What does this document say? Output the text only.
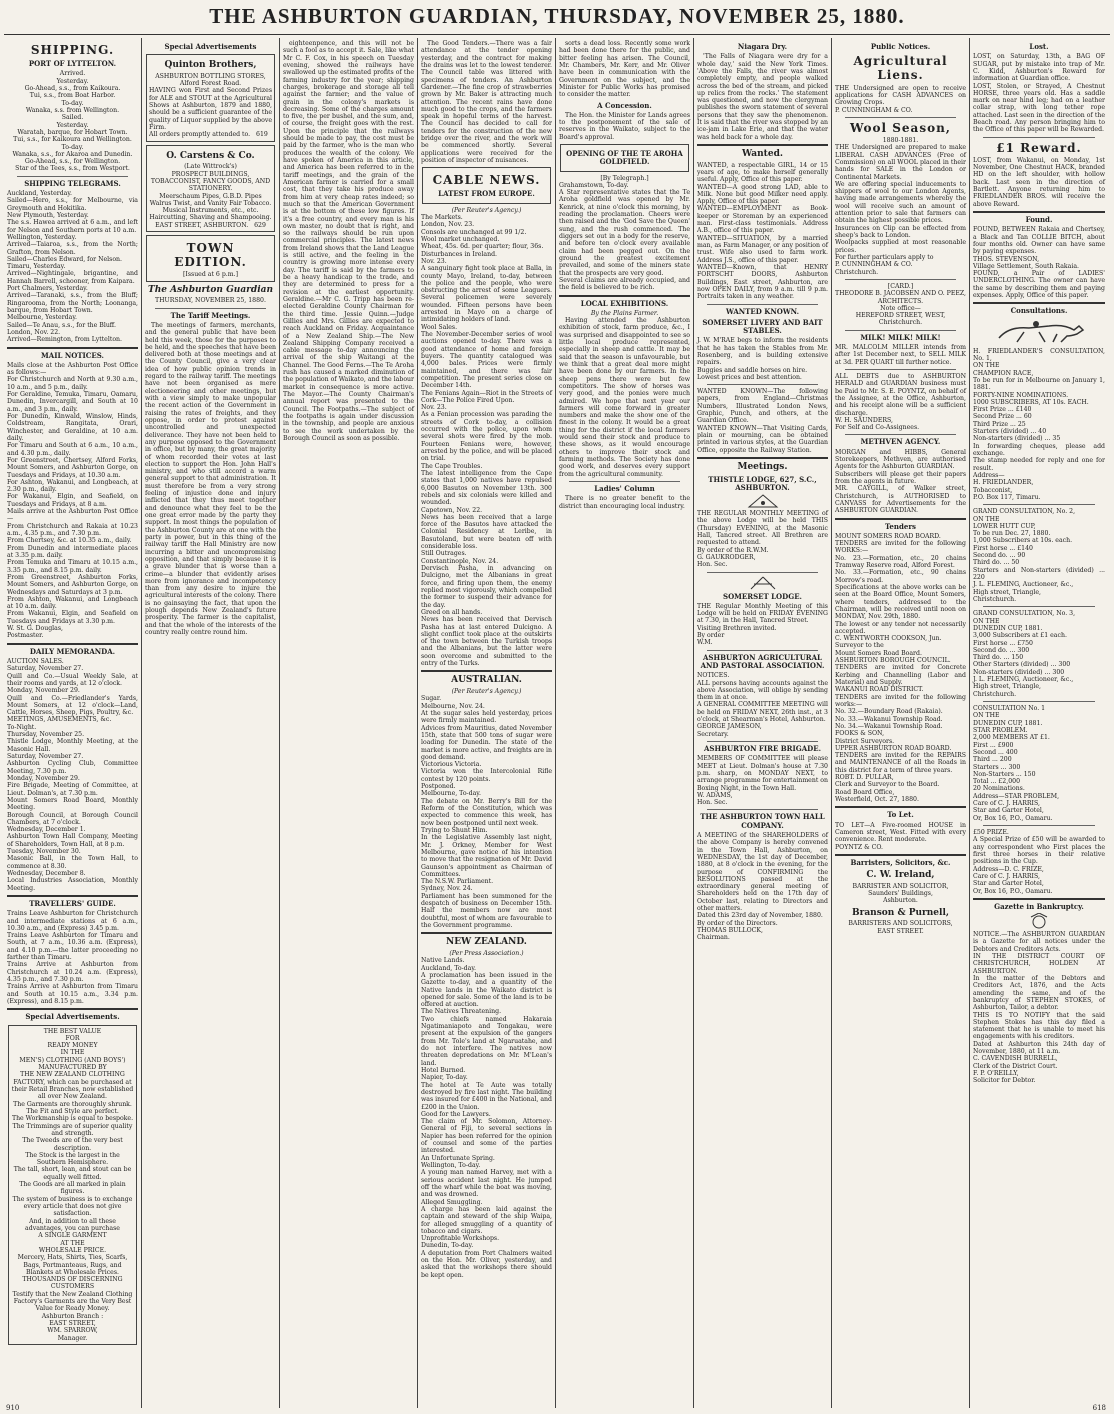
THE ASHBURTON GUARDIAN, THURSDAY, NOVEMBER 25, 1880.
SHIPPING.
PORT OF LYTTELTON.
Arrived.
Yesterday.
Go-Ahead, s.s., from Kaikoura.
Tui, s.s., from Boat Harbor.
To-day.
Wanaka, s.s. from Wellington.
Sailed.
Yesterday.
Waratah, barque, for Hobart Town.
Tui, s.s., for Kaikoura and Wellington.
To-day.
Wanaka, s.s., for Akaroa and Dunedin.
Go-Ahead, s.s., for Wellington.
Star of the Tees, s.s., from Westport.
SHIPPING TELEGRAMS.
Auckland, Yesterday.
Sailed—Hero, s.s., for Melbourne, via Greymouth and Hokitika.
New Plymouth, Yesterday.
The s.s. Hawea arrived at 6 a.m., and left for Nelson and Southern ports at 10 a.m.
Wellington, Yesterday.
Arrived—Taiaroa, s.s., from the North; Grafton, from Nelson.
Sailed—Charles Edward, for Nelson.
Timaru, Yesterday.
Arrived—Nightingale, brigantine, and Hannah Barrell, schooner, from Kaipara.
Port Chalmers, Yesterday.
Arrived—Taranaki, s.s., from the Bluff; Ringarooma, from the North; Loonanga, barque, from Hobart Town.
Melbourne, Yesterday.
Sailed—Te Anau, s.s., for the Bluff.
London, Nov. 22.
Arrived—Remington, from Lyttelton.
MAIL NOTICES.
Mails close at the Ashburton Post Office as follows:—
For Christchurch and North at 9.30 a.m., 10 a.m., and 5 p.m., daily.
For Geraldine, Temuka, Timaru, Oamaru, Dunedin, Invercargill, and South at 10 a.m., and 3 p.m., daily.
For Dunedin, Kinwald, Winslow, Hinds, Coldstream, Rangitata, Orari, Winchester, and Geraldine, at 10 a.m. daily.
For Timaru and South at 6 a.m., 10 a.m., and 4.30 p.m., daily.
For Greenstreet, Chertsey, Alford Forks, Mount Somers, and Ashburton Gorge, on Tuesdays and Fridays, at 10.30 a.m.
For Ashton, Wakanui, and Longbeach, at 2.30 p.m., daily.
For Wakanui, Elgin, and Seafield, on Tuesdays and Fridays, at 8 a.m.
Mails arrive at the Ashburton Post Office—
From Christchurch and Rakaia at 10.23 a.m., 4.35 p.m., and 7.30 p.m.
From Chertsey, &c. at 10.35 a.m., daily.
From Dunedin and intermediate places at 3.35 p.m. daily.
From Temuka and Timaru at 10.15 a.m., 3.35 p.m., and 8.15 p.m. daily.
From Greenstreet, Ashburton Forks, Mount Somers, and Ashburton Gorge, on Wednesdays and Saturdays at 3 p.m.
From Ashton, Wakanui, and Longbeach at 10 a.m. daily.
From Wakanui, Elgin, and Seafield on Tuesdays and Fridays at 3.30 p.m.
W. St. G. Douglas,
Postmaster.
DAILY MEMORANDA.
AUCTION SALES.
Saturday, November 27.
Quill and Co.—Usual Weekly Sale, at their rooms and yards, at 12 o'clock.
Monday, November 29.
Quill and Co.—Friedlander's Yards, Mount Somers, at 12 o'clock—Land, Cattle, Horses, Sheep, Pigs, Poultry, &c.
MEETINGS, AMUSEMENTS, &c.
To-Night.
Thursday, November 25.
Thistle Lodge, Monthly Meeting, at the Masonic Hall.
Saturday, November 27.
Ashburton Cycling Club, Committee Meeting, 7.30 p.m.
Monday, November 29.
Fire Brigade, Meeting of Committee, at Lieut. Dolman's, at 7.30 p.m.
Mount Somers Road Board, Monthly Meeting.
Borough Council, at Borough Council Chambers, at 7 o'clock.
Wednesday, December 1.
Ashburton Town Hall Company, Meeting of Shareholders, Town Hall, at 8 p.m.
Tuesday, November 30.
Masonic Ball, in the Town Hall, to commence at 8.30.
Wednesday, December 8.
Local Industries Association, Monthly Meeting.
TRAVELLERS' GUIDE.
Trains Leave Ashburton for Christchurch and intermediate stations at 6 a.m., 10.30 a.m., and (Express) 3.45 p.m.
Trains Leave Ashburton for Timaru and South, at 7 a.m., 10.36 a.m. (Express), and 4.10 p.m.—the latter proceeding no farther than Timaru.
Trains Arrive at Ashburton from Christchurch at 10.24 a.m. (Express), 4.35 p.m., and 7.30 p.m.
Trains Arrive at Ashburton from Timaru and South at 10.15 a.m., 3.34 p.m. (Express), and 8.15 p.m.
Special Advertisements.
THE BEST VALUE
FOR
READY MONEY
IN THE
MEN'S) CLOTHING (AND BOYS')
MANUFACTURED BY
THE NEW ZEALAND CLOTHING FACTORY, which can be purchased at their Retail Branches, now established all over New Zealand.
The Garments are thoroughly shrunk.
The Fit and Style are perfect.
The Workmanship is equal to bespoke.
The Trimmings are of superior quality and strength.
The Tweeds are of the very best description.
The Stock is the largest in the Southern Hemisphere.
The tall, short, lean, and stout can be equally well fitted.
The Goods are all marked in plain figures.
The system of business is to exchange every article that does not give satisfaction.
And, in addition to all these advantages, you can purchase
A SINGLE GARMENT
AT THE
WHOLESALE PRICE.
Mercery, Hats, Shirts, Ties, Scarfs, Bags, Portmanteaus, Rugs, and Blankets at Wholesale Prices.
THOUSANDS OF DISCERNING CUSTOMERS
Testify that the New Zealand Clothing Factory's Garments are the Very Best Value for Ready Money.
Ashburton Branch :
EAST STREET,
WM. SPARROW,
Manager.
Special Advertisements
Quinton Brothers,
ASHBURTON BOTTLING STORES,
Alford Forest Road.
HAVING won First and Second Prizes for ALE and STOUT at the Agricultural Shows at Ashburton, 1879 and 1880, should be a sufficient guarantee of the quality of Liquor supplied by the above Firm.
All orders promptly attended to.   619
O. Carstens & Co.
(Late Wittrock's)
PROSPECT BUILDINGS,
TOBACCONIST, FANCY GOODS, AND STATIONERY.
Meerschaum Pipes, G.B.D. Pipes
Walrus Twist, and Vanity Fair Tobacco.
Musical Instruments, etc., etc.
Haircutting, Shaving and Shampooing.
EAST STREET, ASHBURTON.   629
TOWN EDITION.
[Issued at 6 p.m.]
The Ashburton Guardian
THURSDAY, NOVEMBER 25, 1880.
The Tariff Meetings.

The meetings of farmers, merchants, and the general public that have been held this week, those for the purposes to be held, and the speeches that have been delivered both at those meetings and at the County Council, give a very clear idea of how public opinion trends in regard to the railway tariff. The meetings have not been organised as mere electioneering and other meetings, but with a view simply to make unpopular the recent action of the Government in raising the rates of freights, and they oppose, in order to protest against uncontrolled and unexpected deliverance. They have not been held to any purpose opposed to the Government in office, but by many, the great majority of whom recorded their votes at last election to support the Hon. John Hall's ministry, and who still accord a warm general support to that administration. It must therefore be from a very strong feeling of injustice done and injury inflicted that they thus meet together and denounce what they feel to be the one great error made by the party they support. In most things the population of the Ashburton County are at one with the party in power, but in this thing of the railway tariff the Hall Ministry are now incurring a bitter and uncompromising opposition, and that simply because it is a grave blunder that is worse than a crime—a blunder that evidently arises more from ignorance and incompetency than from any desire to injure the agricultural interests of the colony. There is no gainsaying the fact, that upon the plough depends New Zealand's future prosperity. The farmer is the capitalist, and that the whole of the interests of the country really centre round him.

eighteenpence, and this will not be such a fool as to accept it. Sale, like what Mr C. F. Cox, in his speech on Tuesday evening, showed the railways have swallowed up the estimated profits of the farming industry for the year; shipping charges, brokerage and storage all tell against the farmer; and the value of grain in the colony's markets is decreasing. Some of the charges amount to five, the per bushel, and the sum, and, of course, the freight goes with the rest. Upon the principle that the railways should be made to pay, the cost must be paid by the farmer, who is the man who produces the wealth of the colony. We have spoken of America in this article, and America has been referred to in the tariff meetings, and the grain of the American farmer is carried for a small cost, that they take his produce away from him at very cheap rates indeed; so much so that the American Government is at the bottom of these low figures. If it's a free country, and every man is his own master, no doubt that is right, and so the railways should be run upon commercial principles. The latest news from Ireland shows that the Land League is still active, and the feeling in the country is growing more intense every day. The tariff is said by the farmers to be a heavy handicap to the trade, and they are determined to press for a revision at the earliest opportunity. Geraldine.—Mr C. G. Tripp has been re-elected Geraldine County Chairman for the third time. Jessie Quinn.—Judge Gillies and Mrs. Gillies are expected to reach Auckland on Friday. Acquaintance of a New Zealand Ship.—The New Zealand Shipping Company received a cable message to-day announcing the arrival of the ship Waitangi at the Channel. The Good Ferns.—The Te Aroha rush has caused a marked diminution of the population of Waikato, and the labour market in consequence is more active. The Mayor.—The County Chairman's annual report was presented to the Council. The Footpaths.—The subject of the footpaths is again under discussion in the township, and people are anxious to see the work undertaken by the Borough Council as soon as possible.

The Good Tenders.—There was a fair attendance at the tender opening yesterday, and the contract for making the drains was let to the lowest tenderer. The Council table was littered with specimens of tenders. An Ashburton Gardener.—The fine crop of strawberries grown by Mr. Baker is attracting much attention. The recent rains have done much good to the crops, and the farmers speak in hopeful terms of the harvest. The Council has decided to call for tenders for the construction of the new bridge over the river, and the work will be commenced shortly. Several applications were received for the position of inspector of nuisances.

CABLE NEWS.
LATEST FROM EUROPE.
(Per Reuter's Agency.)
The Markets.
London, Nov. 23.
Consols are unchanged at 99 1/2.
Wool market unchanged.
Wheat, 45s. 6d. per quarter; flour, 36s.
Disturbances in Ireland.
Nov. 23.
A sanguinary fight took place at Balla, in county Mayo, Ireland, to-day, between the police and the people, who were obstructing the arrest of some Leaguers. Several policemen were severely wounded. Fifteen persons have been arrested in Mayo on a charge of intimidating holders of land.
Wool Sales.
The November-December series of wool auctions opened to-day. There was a good attendance of home and foreign buyers. The quantity catalogued was 4,000 bales. Prices were firmly maintained, and there was fair competition. The present series close on December 14th.
The Fenians Again—Riot in the Streets of Cork—The Police Fired Upon.
Nov. 23.
As a Fenian procession was parading the streets of Cork to-day, a collision occurred with the police, upon whom several shots were fired by the mob. Fourteen Fenians were, however, arrested by the police, and will be placed on trial.
The Cape Troubles.
The latest intelligence from the Cape states that 1,000 natives have repulsed 6,000 Basutos on November 13th. 300 rebels and six colonials were killed and wounded.
Capetown, Nov. 22.
News has been received that a large force of the Basutos have attacked the Colonial Residency at Leribe, in Basutoland, but were beaten off with considerable loss.
Still Outrages.
Constantinople, Nov. 24.
Dervisch Pasha, in advancing on Dulcigno, met the Albanians in great force, and firing upon them, the enemy replied most vigorously, which compelled the former to suspend their advance for the day.
Greed on all hands.
News has been received that Dervisch Pasha has at last entered Dulcigno. A slight conflict took place at the outskirts of the town between the Turkish troops and the Albanians, but the latter were soon overcome and submitted to the entry of the Turks.
AUSTRALIAN.
(Per Reuter's Agency.)
Sugar.
Melbourne, Nov. 24.
At the sugar sales held yesterday, prices were firmly maintained.
Advices from Mauritius, dated November 15th, state that 500 tons of sugar were loading for Dunedin. The state of the market is more active, and freights are in good demand.
Victorious Victoria.
Victoria won the Intercolonial Rifle contest by 120 points.
Postponed.
Melbourne, To-day.
The debate on Mr. Berry's Bill for the Reform of the Constitution, which was expected to commence this week, has now been postponed until next week.
Trying to Shunt Him.
In the Legislative Assembly last night, Mr. J. Orkney, Member for West Melbourne, gave notice of his intention to move that the resignation of Mr. David Gaunson's appointment as Chairman of Committees.
The N.S.W. Parliament.
Sydney, Nov. 24.
Parliament has been summoned for the despatch of business on December 15th. Half the members now are most doubtful, most of whom are favourable to the Government programme.
NEW ZEALAND.
(Per Press Association.)
Native Lands.
Auckland, To-day.
A proclamation has been issued in the Gazette to-day, and a quantity of the Native lands in the Waikato district is opened for sale. Some of the land is to be offered at auction.
The Natives Threatening.
Two chiefs named Hakaraia Ngatimaniapoto and Tongakau, were present at the expulsion of the gangers from Mr. Tole's land at Ngaruatahe, and do not interfere. The natives now threaten depredations on Mr. M'Lean's land.
Hotel Burned.
Napier, To-day.
The hotel at Te Aute was totally destroyed by fire last night. The building was insured for £400 in the National, and £200 in the Union.
Good for the Lawyers.
The claim of Mr. Solomon, Attorney-General of Fiji, to several sections in Napier has been referred for the opinion of counsel and some of the parties interested.
An Unfortunate Spring.
Wellington, To-day.
A young man named Harvey, met with a serious accident last night. He jumped off the wharf while the boat was moving, and was drowned.
Alleged Smuggling.
A charge has been laid against the captain and steward of the ship Waipa, for alleged smuggling of a quantity of tobacco and cigars.
Unprofitable Workshops.
Dunedin, To-day.
A deputation from Port Chalmers waited on the Hon. Mr. Oliver, yesterday, and asked that the workshops there should be kept open.

sorts a dead loss. Recently some work had been done there for the public, and bitter feeling has arisen. The Council, Mr. Chambers, Mr. Kerr, and Mr. Oliver have been in communication with the Government on the subject, and the Minister for Public Works has promised to consider the matter.

A Concession.

The Hon. the Minister for Lands agrees to the postponement of the sale of reserves in the Waikato, subject to the Board's approval.

OPENING OF THE TE AROHA GOLDFIELD.
[By Telegraph.]
Grahamstown, To-day.
A Star representative states that the Te Aroha goldfield was opened by Mr. Kenrick, at nine o'clock this morning, by reading the proclamation. Cheers were then raised and the 'God Save the Queen' sung, and the rush commenced. The diggers set out in a body for the reserve, and before ten o'clock every available claim had been pegged out. On the ground the greatest excitement prevailed, and some of the miners state that the prospects are very good.
Several claims are already occupied, and the field is believed to be rich.
LOCAL EXHIBITIONS.
By the Plains Farmer.

Having attended the Ashburton exhibition of stock, farm produce, &c., I was surprised and disappointed to see so little local produce represented, especially in sheep and cattle. It may be said that the season is unfavourable, but we think that a great deal more might have been done by our farmers. In the sheep pens there were but few competitors. The show of horses was very good, and the ponies were much admired. We hope that next year our farmers will come forward in greater numbers and make the show one of the finest in the colony. It would be a great thing for the district if the local farmers would send their stock and produce to these shows, as it would encourage others to improve their stock and farming methods. The Society has done good work, and deserves every support from the agricultural community.

Ladies' Column

There is no greater benefit to the district than encouraging local industry.

Niagara Dry.

'The Falls of Niagara were dry for a whole day,' said the New York Times. 'Above the Falls, the river was almost completely empty, and people walked across the bed of the stream, and picked up relics from the rocks.' The statement was questioned, and now the clergyman publishes the sworn statement of several persons that they saw the phenomenon. It is said that the river was stopped by an ice-jam in Lake Erie, and that the water was held back for a whole day.

Wanted.
WANTED, a respectable GIRL, 14 or 15 years of age, to make herself generally useful. Apply, Office of this paper.
WANTED—A good strong LAD, able to Milk. None but good Milker need apply. Apply, Office of this paper.
WANTED—EMPLOYMENT as Book-keeper or Storeman by an experienced man. First-class testimonials. Address A.B., office of this paper.
WANTED—SITUATION, by a married man, as Farm Manager, or any position of trust. Wife also used to farm work. Address J.S., office of this paper.
WANTED—Known, that HENRY FORTSCHT DOORS, Ashburton Buildings, East street, Ashburton, are now OPEN DAILY, from 9 a.m. till 9 p.m. Portraits taken in any weather.
WANTED KNOWN.
SOMERSET LIVERY AND BAIT STABLES.
J. W. M'RAE begs to inform the residents that he has taken the Stables from Mr. Rosenberg, and is building extensive repairs.
Buggies and saddle horses on hire.
Lowest prices and best attention.
WANTED KNOWN—The following papers, from England—Christmas Numbers, Illustrated London News, Graphic, Punch, and others, at the Guardian Office.
WANTED KNOWN—That Visiting Cards, plain or mourning, can be obtained printed in various styles, at the Guardian Office, opposite the Railway Station.
Meetings.
THISTLE LODGE, 627, S.C., ASHBURTON.
THE REGULAR MONTHLY MEETING of the above Lodge will be held THIS (Thursday) EVENING, at the Masonic Hall, Tancred street. All Brethren are requested to attend.
By order of the R.W.M.
G. GAUKRODGER,
Hon. Sec.
SOMERSET LODGE.
THE Regular Monthly Meeting of this Lodge will be held on FRIDAY EVENING at 7.30, in the Hall, Tancred Street.
Visiting Brethren invited.
By order
W.M.
ASHBURTON AGRICULTURAL AND PASTORAL ASSOCIATION.
NOTICES.
ALL persons having accounts against the above Association, will oblige by sending them in at once.
A GENERAL COMMITTEE MEETING will be held on FRIDAY NEXT, 26th inst., at 3 o'clock, at Shearman's Hotel, Ashburton.
GEORGE JAMESON,
Secretary.
ASHBURTON FIRE BRIGADE.
MEMBERS OF COMMITTEE will please MEET at Lieut. Dolman's house at 7.30 p.m. sharp, on MONDAY NEXT, to arrange programme for entertainment on Boxing Night, in the Town Hall.
W. ADAMS,
Hon. Sec.
THE ASHBURTON TOWN HALL COMPANY.
A MEETING of the SHAREHOLDERS of the above Company is hereby convened in the Town Hall, Ashburton, on WEDNESDAY, the 1st day of December, 1880, at 8 o'clock in the evening, for the purpose of CONFIRMING the RESOLUTIONS passed at the extraordinary general meeting of Shareholders held on the 17th day of October last, relating to Directors and other matters.
Dated this 23rd day of November, 1880.
By order of the Directors.
THOMAS BULLOCK,
Chairman.
Public Notices.
Agricultural Liens.
THE Undersigned are open to receive applications for CASH ADVANCES on Growing Crops.
P. CUNNINGHAM & CO.
Wool Season,
1880-1881.
THE Undersigned are prepared to make LIBERAL CASH ADVANCES (Free of Commission) on all WOOL placed in their hands for SALE in the London or Continental Markets.
We are offering special inducements to shippers of wool to our London Agents, having made arrangements whereby the wool will receive such an amount of attention prior to sale that farmers can obtain the highest possible prices.
Insurances on Clip can be effected from sheep's back to London.
Woolpacks supplied at most reasonable prices.
For further particulars apply to
P. CUNNINGHAM & CO.
Christchurch.
[CARD.]
THEODORE B. JACOBSEN AND O. PEEZ,
ARCHITECTS.
Note office—
HEREFORD STREET, WEST,
Christchurch.
MILK! MILK! MILK!
MR. MALCOLM MILLER intends from after 1st December next, to SELL MILK at 3d. PER QUART till further notice.
ALL DEBTS due to ASHBURTON HERALD and GUARDIAN business must be Paid to Mr. S. E. POYNTZ, on behalf of the Assignee, at the Office, Ashburton, and his receipt alone will be a sufficient discharge.
W. H. SAUNDERS,
For Self and Co-Assignees.
METHVEN AGENCY.
MORGAN and HIBBS, General Storekeepers, Methven, are authorised Agents for the Ashburton GUARDIAN.
Subscribers will please get their papers from the agents in future.
MR. CAYGILL, of Walker street, Christchurch, is AUTHORISED to CANVASS for Advertisements for the ASHBURTON GUARDIAN.
Tenders
MOUNT SOMERS ROAD BOARD.
TENDERS are invited for the following WORKS:—
No. 23.—Formation, etc., 20 chains Tramway Reserve road, Alford Forest.
No. 33.—Formation, etc., 90 chains Morrow's road.
Specifications at the above works can be seen at the Board Office, Mount Somers, where tenders, addressed to the Chairman, will be received until noon on MONDAY, Nov. 29th, 1880.
The lowest or any tender not necessarily accepted.
C. WENTWORTH COOKSON, Jun.
Surveyor to the
Mount Somers Road Board.
ASHBURTON BOROUGH COUNCIL.
TENDERS are invited for Concrete Kerbing and Channelling (Labor and Material) and Supply.
WAKANUI ROAD DISTRICT.
TENDERS are invited for the following works:—
No. 32.—Boundary Road (Rakaia).
No. 33.—Wakanui Township Road.
No. 34.—Wakanui Township Road.
FOOKS & SON,
District Surveyors.
UPPER ASHBURTON ROAD BOARD.
TENDERS are invited for the REPAIRS and MAINTENANCE of all the Roads in this district for a term of three years.
ROBT. D. PULLAR,
Clerk and Surveyor to the Board.
Road Board Office,
Westerfield, Oct. 27, 1880.
To Let.
TO LET—A Five-roomed HOUSE in Cameron street, West. Fitted with every convenience. Rent moderate.
POYNTZ & CO.
Barristers, Solicitors, &c.
C. W. Ireland,
BARRISTER AND SOLICITOR,
Saunders' Buildings,
Ashburton.
Branson & Purnell,
BARRISTERS AND SOLICITORS,
EAST STREET.
Lost.
LOST, on Saturday, 13th, a BAG OF SUGAR, put by mistake into trap of Mr. C. Kidd, Ashburton's Reward for information at Guardian office.
LOST, Stolen, or Strayed, A Chestnut HORSE, three years old. Has a saddle mark on near hind leg; had on a leather collar strap, with long tether rope attached. Last seen in the direction of the Beach road. Any person bringing him to the Office of this paper will be Rewarded.
£1 Reward.
LOST, from Wakanui, on Monday, 1st November, One Chestnut HACK, branded HD on the left shoulder, with hollow back. Last seen in the direction of Bartlett. Anyone returning him to FRIEDLANDER BROS. will receive the above Reward.
Found.
FOUND, BETWEEN Rakaia and Chertsey, a Black and Tan COLLIE BITCH, about four months old. Owner can have same by paying expenses.
THOS. STEVENSON,
Village Settlement, South Rakaia.
FOUND, a Pair of LADIES' UNDERCLOTHING. The owner can have the same by describing them and paying expenses. Apply, Office of this paper.
Consultations.
H. FRIEDLANDER'S CONSULTATION, No. 1,
ON THE
CHAMPION RACE,
To be run for in Melbourne on January 1, 1881.
FORTY-NINE NOMINATIONS.
1000 SUBSCRIBERS, AT 10s. EACH.
First Prize ... £140
Second Prize ... 60
Third Prize ... 25
Starters (divided) ... 40
Non-starters (divided) ... 35
In forwarding cheques, please add exchange.
The stamp needed for reply and one for result.
Address—
H. FRIEDLANDER,
Tobacconist,
P.O. Box 117, Timaru.
GRAND CONSULTATION, No. 2,
ON THE
LOWER HUTT CUP,
To be run Dec. 27, 1880.
1,000 Subscribers at 10s. each.
First horse ... £140
Second do. ... 90
Third do. ... 50
Starters and Non-starters (divided) ... 220
J. L. FLEMING, Auctioneer, &c.,
High street, Triangle,
Christchurch.
GRAND CONSULTATION, No. 3,
ON THE
DUNEDIN CUP, 1881.
3,000 Subscribers at £1 each.
First horse ... £750
Second do. ... 300
Third do. ... 150
Other Starters (divided) ... 300
Non-starters (divided) ... 300
J. L. FLEMING, Auctioneer, &c.,
High street, Triangle,
Christchurch.
CONSULTATION No. 1
ON THE
DUNEDIN CUP, 1881.
STAR PROBLEM.
2,000 MEMBERS AT £1.
First ... £900
Second ... 400
Third ... 200
Starters ... 300
Non-Starters ... 150
Total ... £2,000
20 Nominations.
Address—STAR PROBLEM,
Care of C. J. HARRIS,
Star and Garter Hotel,
Or, Box 16, P.O., Oamaru.
£50 PRIZE.
A Special Prize of £50 will be awarded to any correspondent who First places the first three horses in their relative positions in the Cup.
Address—D. C. FRIZE,
Care of C. J. HARRIS,
Star and Garter Hotel,
Or, Box 16, P.O., Oamaru.
Gazette in Bankruptcy.
NOTICE.—The ASHBURTON GUARDIAN is a Gazette for all notices under the Debtors and Creditors Acts.
IN THE DISTRICT COURT OF CHRISTCHURCH, HOLDEN AT ASHBURTON.
In the matter of the Debtors and Creditors Act, 1876, and the Acts amending the same, and of the bankruptcy of STEPHEN STOKES, of Ashburton, Tailor, a debtor.
THIS IS TO NOTIFY that the said Stephen Stokes has this day filed a statement that he is unable to meet his engagements with his creditors.
Dated at Ashburton this 24th day of November, 1880, at 11 a.m.
C. CAVENDISH BURRELL,
Clerk of the District Court.
F. P. O'REILLY,
Solicitor for Debtor.
910	618
